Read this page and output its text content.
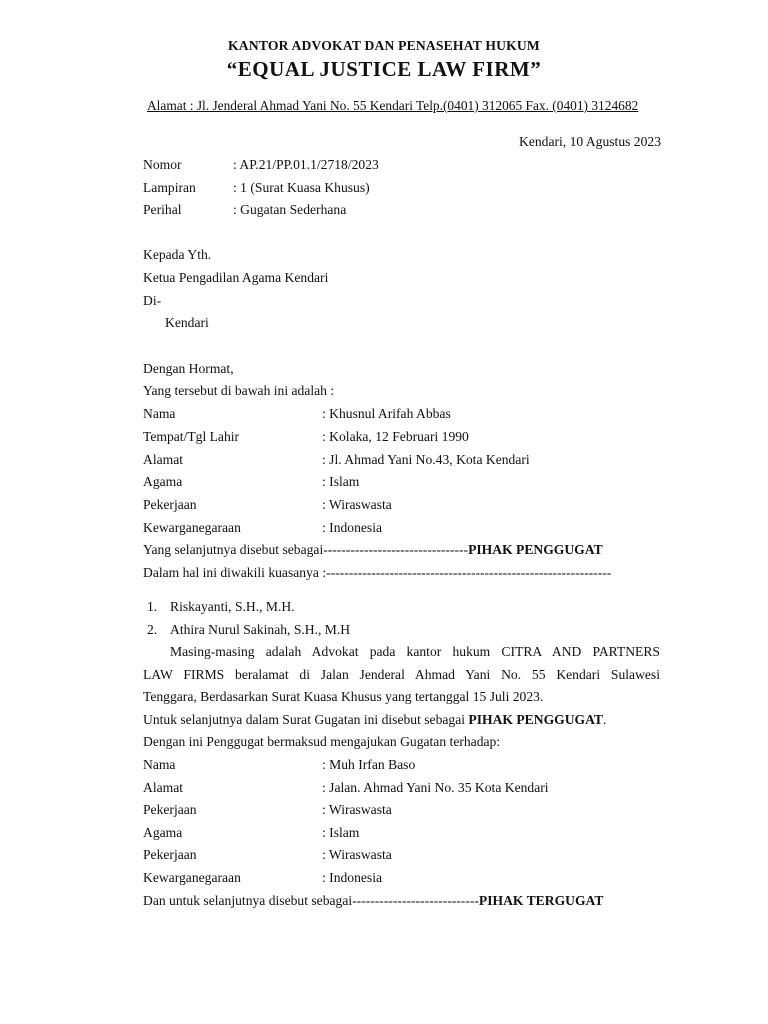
KANTOR ADVOKAT DAN PENASEHAT HUKUM
“EQUAL JUSTICE LAW FIRM”
Alamat : Jl. Jenderal Ahmad Yani No. 55 Kendari Telp.(0401) 312065 Fax. (0401) 3124682
Kendari, 10 Agustus 2023
Nomor	: AP.21/PP.01.1/2718/2023
Lampiran	: 1 (Surat Kuasa Khusus)
Perihal	: Gugatan Sederhana
Kepada Yth.
Ketua Pengadilan Agama Kendari
Di-
Kendari
Dengan Hormat,
Yang tersebut di bawah ini adalah :
Nama	: Khusnul Arifah Abbas
Tempat/Tgl Lahir	: Kolaka, 12 Februari 1990
Alamat	: Jl. Ahmad Yani No.43, Kota Kendari
Agama	: Islam
Pekerjaan	: Wiraswasta
Kewarganegaraan	: Indonesia
Yang selanjutnya disebut sebagai--------------------------------PIHAK PENGGUGAT
Dalam hal ini diwakili kuasanya :---------------------------------------------------------------
1. Riskayanti, S.H., M.H.
2. Athira Nurul Sakinah, S.H., M.H
Masing-masing adalah Advokat pada kantor hukum CITRA AND PARTNERS
LAW FIRMS beralamat di Jalan Jenderal Ahmad Yani No. 55 Kendari Sulawesi
Tenggara, Berdasarkan Surat Kuasa Khusus yang tertanggal 15 Juli 2023.
Untuk selanjutnya dalam Surat Gugatan ini disebut sebagai PIHAK PENGGUGAT.
Dengan ini Penggugat bermaksud mengajukan Gugatan terhadap:
Nama	: Muh Irfan Baso
Alamat	: Jalan. Ahmad Yani No. 35 Kota Kendari
Pekerjaan	: Wiraswasta
Agama	: Islam
Pekerjaan	: Wiraswasta
Kewarganegaraan	: Indonesia
Dan untuk selanjutnya disebut sebagai----------------------------PIHAK TERGUGAT
